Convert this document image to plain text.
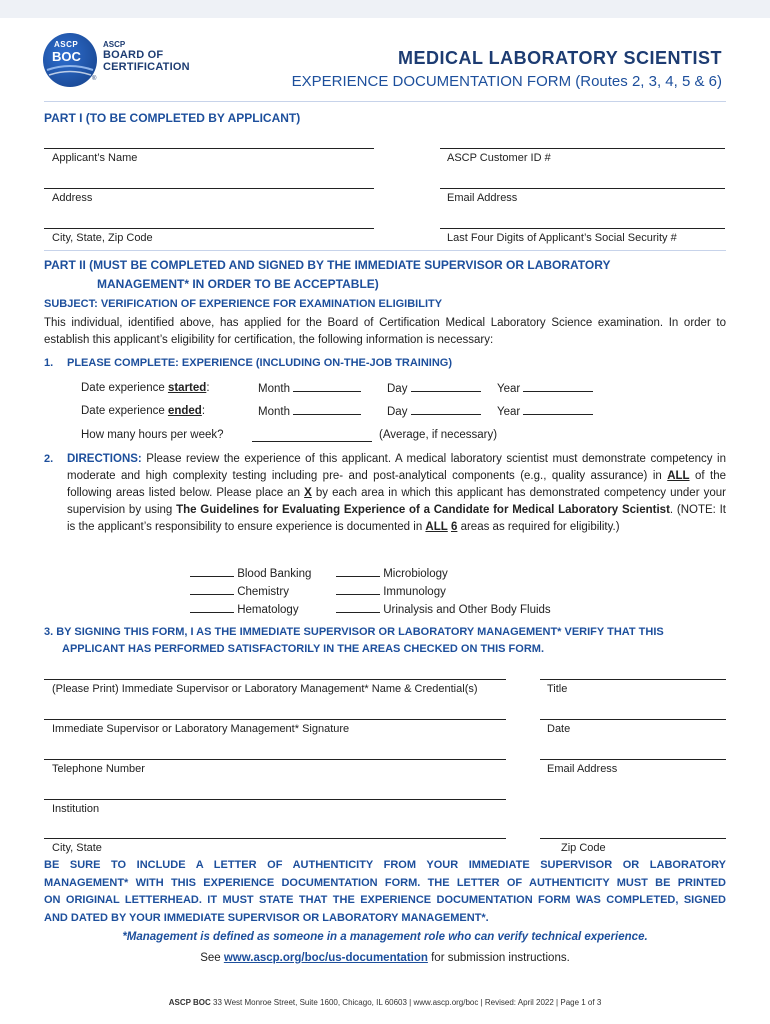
ASCP
BOC
ASCP
BOARD OF
CERTIFICATION
®
MEDICAL LABORATORY SCIENTIST
EXPERIENCE DOCUMENTATION FORM (Routes 2, 3, 4, 5 & 6)
PART I (TO BE COMPLETED BY APPLICANT)
Applicant’s Name	ASCP Customer ID #
Address	Email Address
City, State, Zip Code	Last Four Digits of Applicant’s Social Security #
PART II (MUST BE COMPLETED AND SIGNED BY THE IMMEDIATE SUPERVISOR OR LABORATORY
MANAGEMENT* IN ORDER TO BE ACCEPTABLE)
SUBJECT: VERIFICATION OF EXPERIENCE FOR EXAMINATION ELIGIBILITY
This individual, identified above, has applied for the Board of Certification Medical Laboratory Science examination. In order to establish this applicant’s eligibility for certification, the following information is necessary:
1. PLEASE COMPLETE: EXPERIENCE (INCLUDING ON-THE-JOB TRAINING)
Date experience started:	Month	Day	Year
Date experience ended:	Month	Day	Year
How many hours per week?	(Average, if necessary)
2. DIRECTIONS: Please review the experience of this applicant. A medical laboratory scientist must demonstrate competency in moderate and high complexity testing including pre- and post-analytical components (e.g., quality assurance) in ALL of the following areas listed below. Please place an X by each area in which this applicant has demonstrated competency under your supervision by using The Guidelines for Evaluating Experience of a Candidate for Medical Laboratory Scientist. (NOTE: It is the applicant’s responsibility to ensure experience is documented in ALL 6 areas as required for eligibility.)
Blood Banking
Chemistry
Hematology
Microbiology
Immunology
Urinalysis and Other Body Fluids
3. BY SIGNING THIS FORM, I AS THE IMMEDIATE SUPERVISOR OR LABORATORY MANAGEMENT* VERIFY THAT THIS
APPLICANT HAS PERFORMED SATISFACTORILY IN THE AREAS CHECKED ON THIS FORM.
(Please Print) Immediate Supervisor or Laboratory Management* Name & Credential(s)	Title
Immediate Supervisor or Laboratory Management* Signature	Date
Telephone Number	Email Address
Institution
City, State	Zip Code
BE SURE TO INCLUDE A LETTER OF AUTHENTICITY FROM YOUR IMMEDIATE SUPERVISOR OR LABORATORY
MANAGEMENT* WITH THIS EXPERIENCE DOCUMENTATION FORM. THE LETTER OF AUTHENTICITY MUST BE PRINTED
ON ORIGINAL LETTERHEAD. IT MUST STATE THAT THE EXPERIENCE DOCUMENTATION FORM WAS COMPLETED, SIGNED
AND DATED BY YOUR IMMEDIATE SUPERVISOR OR LABORATORY MANAGEMENT*.
*Management is defined as someone in a management role who can verify technical experience.
See www.ascp.org/boc/us-documentation for submission instructions.
ASCP BOC 33 West Monroe Street, Suite 1600, Chicago, IL 60603 | www.ascp.org/boc | Revised: April 2022 | Page 1 of 3
